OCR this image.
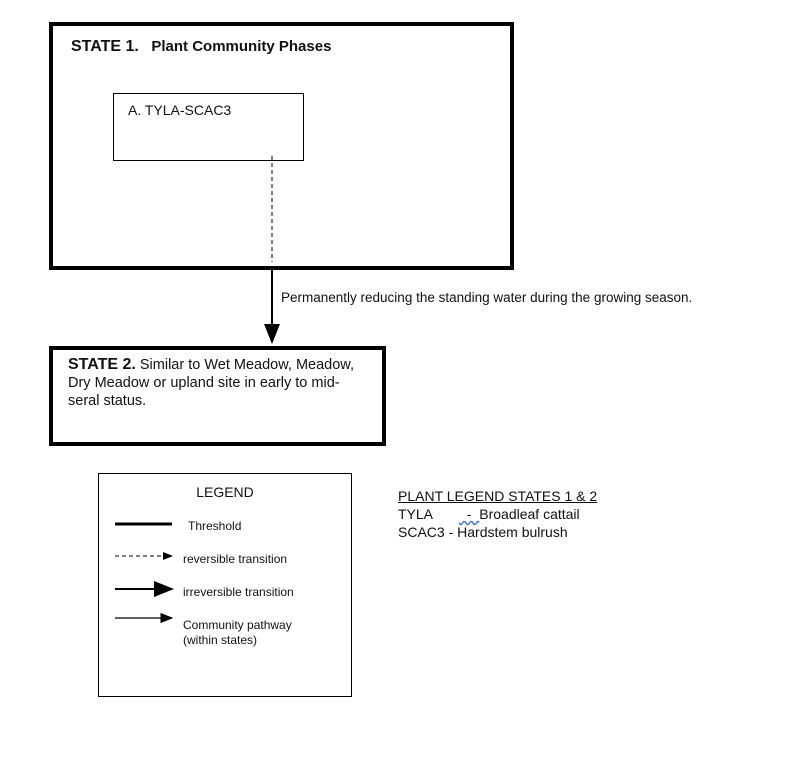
STATE 1. Plant Community Phases
A. TYLA-SCAC3
Permanently reducing the standing water during the growing season.
STATE 2. Similar to Wet Meadow, Meadow, Dry Meadow or upland site in early to mid-seral status.
LEGEND
Threshold
reversible transition
irreversible transition
Community pathway
(within states)
PLANT LEGEND STATES 1 & 2
TYLA  -  Broadleaf cattail
SCAC3 - Hardstem bulrush
